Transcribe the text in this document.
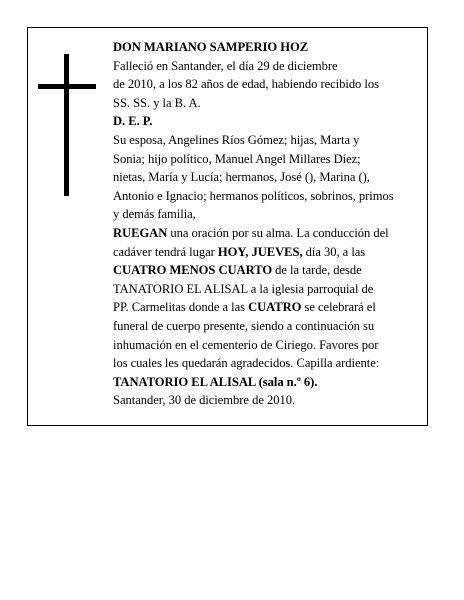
DON MARIANO SAMPERIO HOZ
Falleció en Santander, el día 29 de diciembre
de 2010, a los 82 años de edad, habiendo recibido los
SS. SS. y la B. A.
D. E. P.
Su esposa, Angelines Ríos Gómez; hijas, Marta y
Sonia; hijo político, Manuel Angel Millares Díez;
nietas, María y Lucía; hermanos, José (), Marina (),
Antonio e Ignacio; hermanos políticos, sobrinos, primos
y demás familia,
RUEGAN una oración por su alma. La conducción del
cadáver tendrá lugar HOY, JUEVES, día 30, a las
CUATRO MENOS CUARTO de la tarde, desde
TANATORIO EL ALISAL a la iglesia parroquial de
PP. Carmelitas donde a las CUATRO se celebrará el
funeral de cuerpo presente, siendo a continuación su
inhumación en el cementerio de Ciriego. Favores por
los cuales les quedarán agradecidos. Capilla ardiente:
TANATORIO EL ALISAL (sala n.º 6).
Santander, 30 de diciembre de 2010.
